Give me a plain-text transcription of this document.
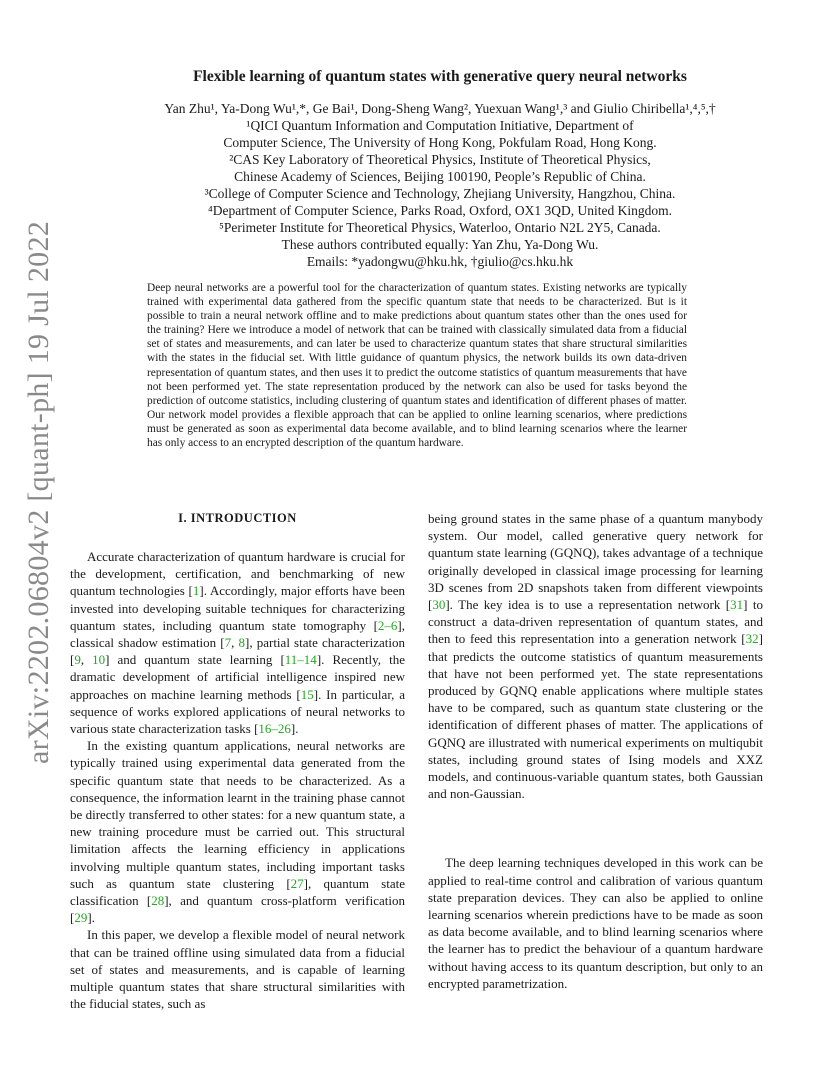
arXiv:2202.06804v2 [quant-ph] 19 Jul 2022
Flexible learning of quantum states with generative query neural networks
Yan Zhu¹, Ya-Dong Wu¹,*, Ge Bai¹, Dong-Sheng Wang², Yuexuan Wang¹,³ and Giulio Chiribella¹,⁴,⁵,†
¹QICI Quantum Information and Computation Initiative, Department of
Computer Science, The University of Hong Kong, Pokfulam Road, Hong Kong.
²CAS Key Laboratory of Theoretical Physics, Institute of Theoretical Physics,
Chinese Academy of Sciences, Beijing 100190, People’s Republic of China.
³College of Computer Science and Technology, Zhejiang University, Hangzhou, China.
⁴Department of Computer Science, Parks Road, Oxford, OX1 3QD, United Kingdom.
⁵Perimeter Institute for Theoretical Physics, Waterloo, Ontario N2L 2Y5, Canada.
These authors contributed equally: Yan Zhu, Ya-Dong Wu.
Emails: *yadongwu@hku.hk, †giulio@cs.hku.hk

Deep neural networks are a powerful tool for the characterization of quantum states. Existing networks are typically trained with experimental data gathered from the specific quantum state that needs to be characterized. But is it possible to train a neural network offline and to make predictions about quantum states other than the ones used for the training? Here we introduce a model of network that can be trained with classically simulated data from a fiducial set of states and measurements, and can later be used to characterize quantum states that share structural similarities with the states in the fiducial set. With little guidance of quantum physics, the network builds its own data-driven representation of quantum states, and then uses it to predict the outcome statistics of quantum measurements that have not been performed yet. The state representation produced by the network can also be used for tasks beyond the prediction of outcome statistics, including clustering of quantum states and identification of different phases of matter. Our network model provides a flexible approach that can be applied to online learning scenarios, where predictions must be generated as soon as experimental data become available, and to blind learning scenarios where the learner has only access to an encrypted description of the quantum hardware.

I. INTRODUCTION

Accurate characterization of quantum hardware is crucial for the development, certification, and benchmarking of new quantum technologies [1]. Accordingly, major efforts have been invested into developing suitable techniques for characterizing quantum states, including quantum state tomography [2–6], classical shadow estimation [7, 8], partial state characterization [9, 10] and quantum state learning [11–14]. Recently, the dramatic development of artificial intelligence inspired new approaches on machine learning methods [15]. In particular, a sequence of works explored applications of neural networks to various state characterization tasks [16–26].

In the existing quantum applications, neural networks are typically trained using experimental data generated from the specific quantum state that needs to be characterized. As a consequence, the information learnt in the training phase cannot be directly transferred to other states: for a new quantum state, a new training procedure must be carried out. This structural limitation affects the learning efficiency in applications involving multiple quantum states, including important tasks such as quantum state clustering [27], quantum state classification [28], and quantum cross-platform verification [29].

In this paper, we develop a flexible model of neural network that can be trained offline using simulated data from a fiducial set of states and measurements, and is capable of learning multiple quantum states that share structural similarities with the fiducial states, such as

being ground states in the same phase of a quantum manybody system. Our model, called generative query network for quantum state learning (GQNQ), takes advantage of a technique originally developed in classical image processing for learning 3D scenes from 2D snapshots taken from different viewpoints [30]. The key idea is to use a representation network [31] to construct a data-driven representation of quantum states, and then to feed this representation into a generation network [32] that predicts the outcome statistics of quantum measurements that have not been performed yet. The state representations produced by GQNQ enable applications where multiple states have to be compared, such as quantum state clustering or the identification of different phases of matter. The applications of GQNQ are illustrated with numerical experiments on multiqubit states, including ground states of Ising models and XXZ models, and continuous-variable quantum states, both Gaussian and non-Gaussian.

The deep learning techniques developed in this work can be applied to real-time control and calibration of various quantum state preparation devices. They can also be applied to online learning scenarios wherein predictions have to be made as soon as data become available, and to blind learning scenarios where the learner has to predict the behaviour of a quantum hardware without having access to its quantum description, but only to an encrypted parametrization.
